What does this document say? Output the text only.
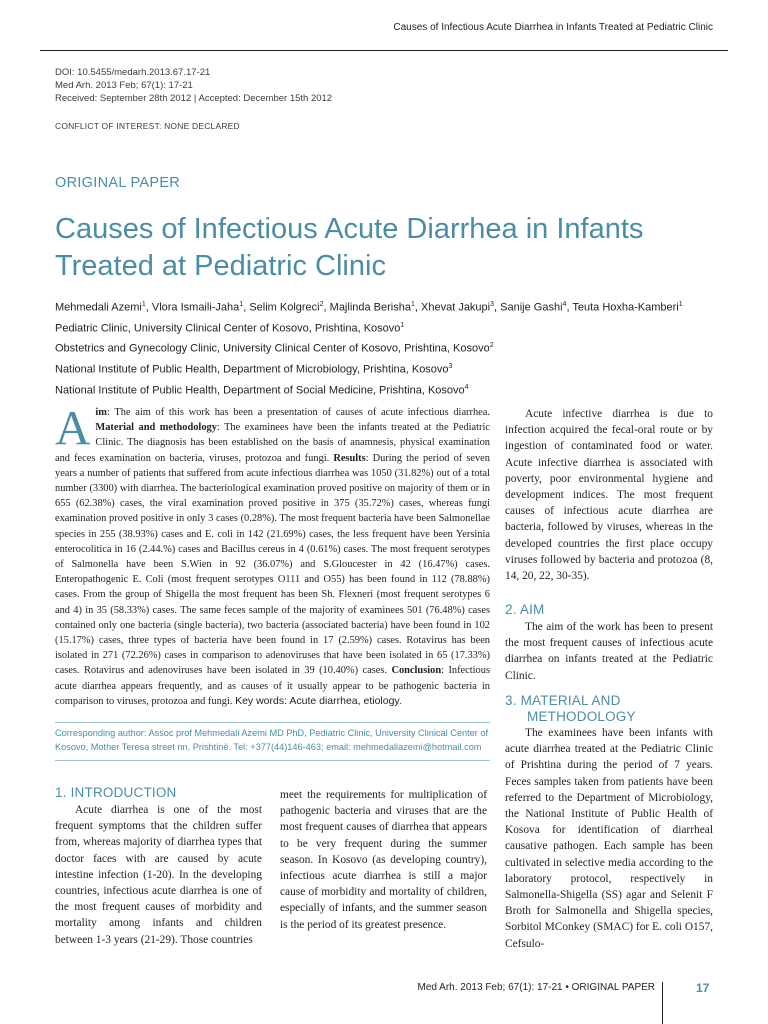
Causes of Infectious Acute Diarrhea in Infants Treated at Pediatric Clinic
DOI: 10.5455/medarh.2013.67.17-21
Med Arh. 2013 Feb; 67(1): 17-21
Received: September 28th 2012 | Accepted: December 15th 2012
CONFLICT OF INTEREST: NONE DECLARED
ORIGINAL PAPER
Causes of Infectious Acute Diarrhea in Infants Treated at Pediatric Clinic
Mehmedali Azemi$^1$, Vlora Ismaili-Jaha$^1$, Selim Kolgreci$^2$, Majlinda Berisha$^1$, Xhevat Jakupi$^3$, Sanije Gashi$^4$, Teuta Hoxha-Kamberi$^1$
Pediatric Clinic, University Clinical Center of Kosovo, Prishtina, Kosovo$^1$
Obstetrics and Gynecology Clinic, University Clinical Center of Kosovo, Prishtina, Kosovo$^2$
National Institute of Public Health, Department of Microbiology, Prishtina, Kosovo$^3$
National Institute of Public Health, Department of Social Medicine, Prishtina, Kosovo$^4$
Aim: The aim of this work has been a presentation of causes of acute infectious diarrhea. Material and methodology: The examinees have been the infants treated at the Pediatric Clinic. The diagnosis has been established on the basis of anamnesis, physical examination and feces examination on bacteria, viruses, protozoa and fungi. Results: During the period of seven years a number of patients that suffered from acute infectious diarrhea was 1050 (31.82%) out of a total number (3300) with diarrhea. The bacteriological examination proved positive on majority of them or in 655 (62.38%) cases, the viral examination proved positive in 375 (35.72%) cases, whereas fungi examination proved positive in only 3 cases (0.28%). The most frequent bacteria have been Salmonellae species in 255 (38.93%) cases and E. coli in 142 (21.69%) cases, the less frequent have been Yersinia enterocolitica in 16 (2.44.%) cases and Bacillus cereus in 4 (0.61%) cases. The most frequent serotypes of Salmonella have been S.Wien in 92 (36.07%) and S.Gloucester in 42 (16.47%) cases. Enteropathogenic E. Coli (most frequent serotypes O111 and O55) has been found in 112 (78.88%) cases. From the group of Shigella the most frequent has been Sh. Flexneri (most frequent serotypes 6 and 4) in 35 (58.33%) cases. The same feces sample of the majority of examinees 501 (76.48%) cases contained only one bacteria (single bacteria), two bacteria (associated bacteria) have been found in 102 (15.17%) cases, three types of bacteria have been found in 17 (2.59%) cases. Rotavirus has been isolated in 271 (72.26%) cases in comparison to adenoviruses that have been isolated in 65 (17.33%) cases. Rotavirus and adenoviruses have been isolated in 39 (10.40%) cases. Conclusion: Infectious acute diarrhea appears frequently, and as causes of it usually appear to be pathogenic bacteria in comparison to viruses, protozoa and fungi. Key words: Acute diarrhea, etiology.
Corresponding author: Assoc prof Mehmedali Azemi MD PhD, Pediatric Clinic, University Clinical Center of Kosovo, Mother Teresa street nn, Prishtinë. Tel: +377(44)146-463; email: mehmedaliazemi@hotmail.com
1. INTRODUCTION
Acute diarrhea is one of the most frequent symptoms that the children suffer from, whereas majority of diarrhea types that doctor faces with are caused by acute intestine infection (1-20). In the developing countries, infectious acute diarrhea is one of the most frequent causes of morbidity and mortality among infants and children between 1-3 years (21-29). Those countries
meet the requirements for multiplication of pathogenic bacteria and viruses that are the most frequent causes of diarrhea that appears to be very frequent during the summer season. In Kosovo (as developing country), infectious acute diarrhea is still a major cause of morbidity and mortality of children, especially of infants, and the summer season is the period of its greatest presence.
Acute infective diarrhea is due to infection acquired the fecal-oral route or by ingestion of contaminated food or water. Acute infective diarrhea is associated with poverty, poor environmental hygiene and development indices. The most frequent causes of infectious acute diarrhea are bacteria, followed by viruses, whereas in the developed countries the first place occupy viruses followed by bacteria and protozoa (8, 14, 20, 22, 30-35).
2. AIM
The aim of the work has been to present the most frequent causes of infectious acute diarrhea on infants treated at the Pediatric Clinic.
3. MATERIAL AND
METHODOLOGY
The examinees have been infants with acute diarrhea treated at the Pediatric Clinic of Prishtina during the period of 7 years. Feces samples taken from patients have been referred to the Department of Microbiology, the National Institute of Public Health of Kosova for identification of diarrheal causative pathogen. Each sample has been cultivated in selective media according to the laboratory protocol, respectively in Salmonella-Shigella (SS) agar and Selenit F Broth for Salmonella and Shigella species, Sorbitol MConkey (SMAC) for E. coli O157, Cefsulo-
Med Arh. 2013 Feb; 67(1): 17-21 • ORIGINAL PAPER	17
